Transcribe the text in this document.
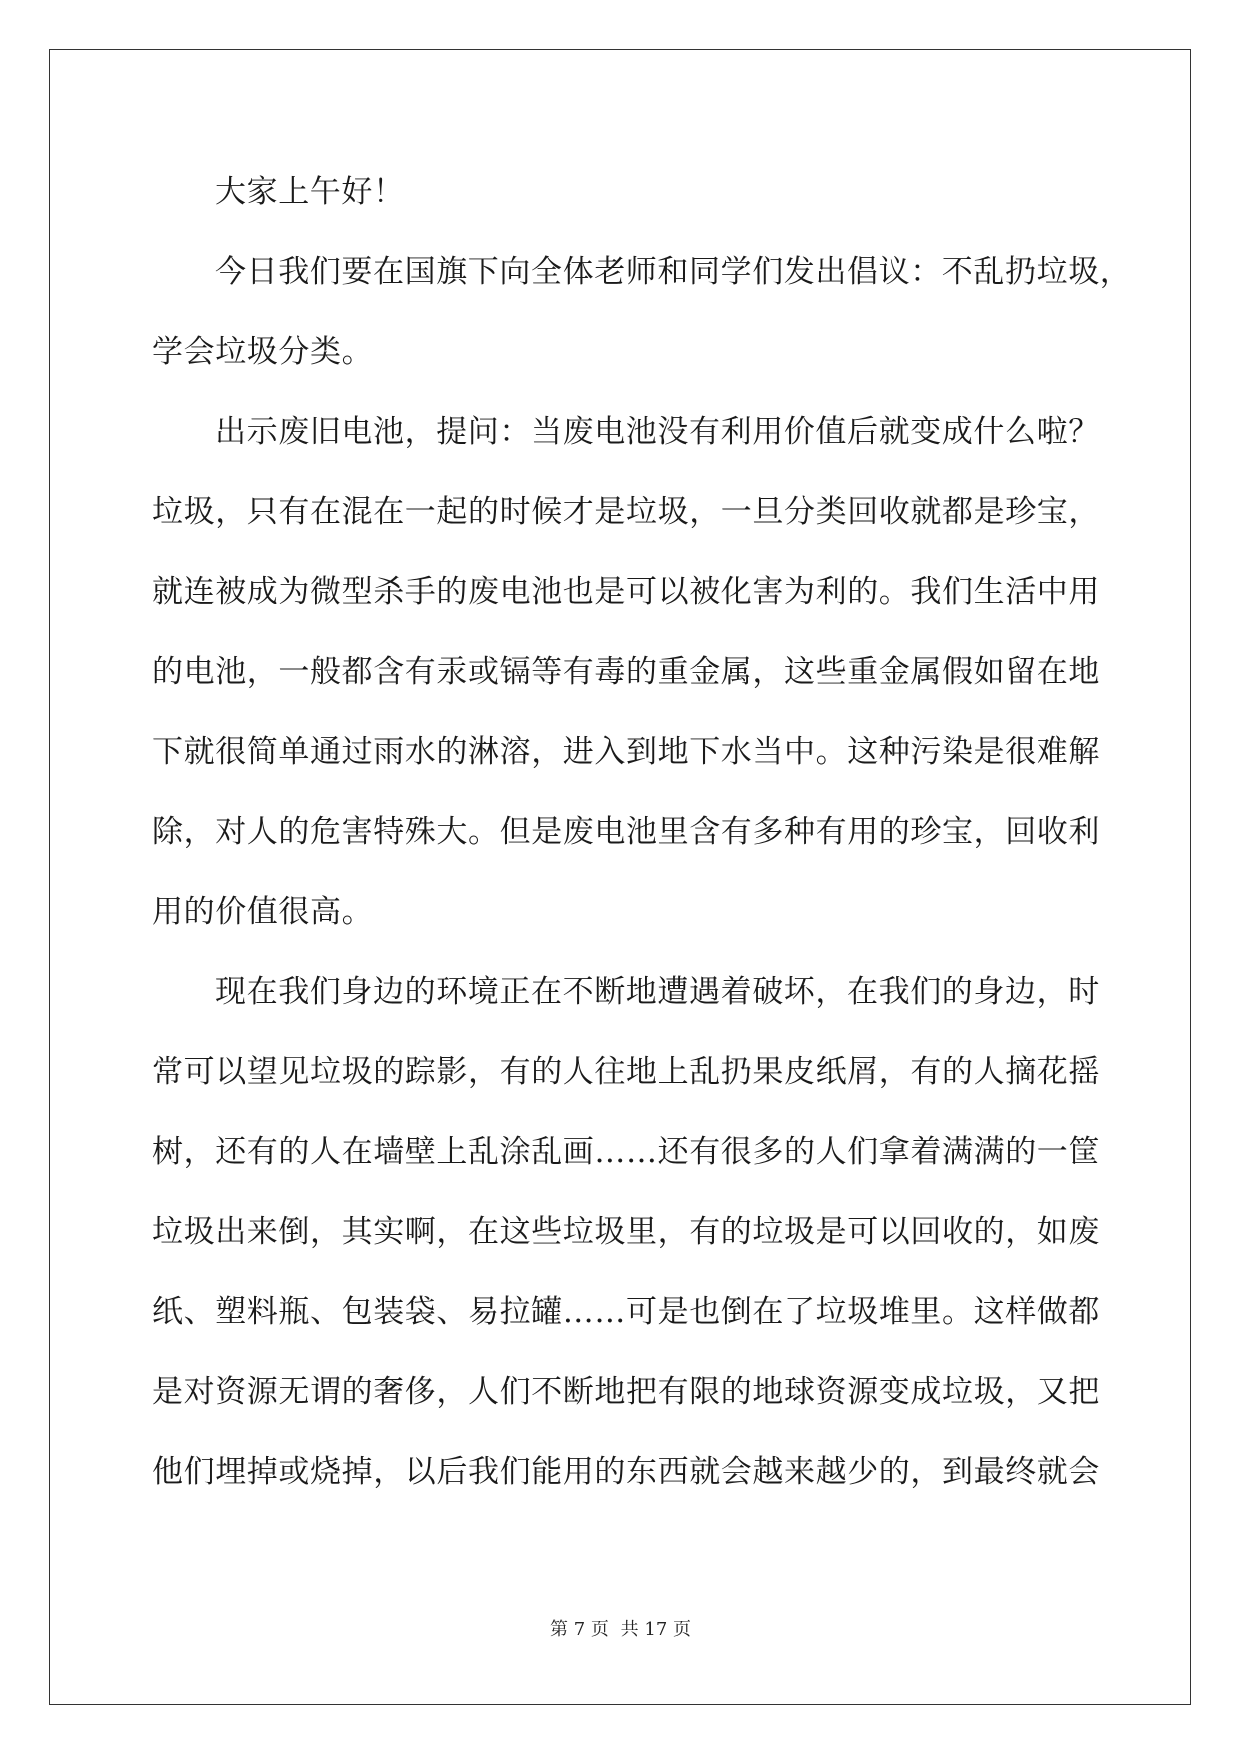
大家上午好！
今日我们要在国旗下向全体老师和同学们发出倡议：不乱扔垃圾，
学会垃圾分类。
出示废旧电池，提问：当废电池没有利用价值后就变成什么啦？
垃圾，只有在混在一起的时候才是垃圾，一旦分类回收就都是珍宝，
就连被成为微型杀手的废电池也是可以被化害为利的。我们生活中用
的电池，一般都含有汞或镉等有毒的重金属，这些重金属假如留在地
下就很简单通过雨水的淋溶，进入到地下水当中。这种污染是很难解
除，对人的危害特殊大。但是废电池里含有多种有用的珍宝，回收利
用的价值很高。
现在我们身边的环境正在不断地遭遇着破坏，在我们的身边，时
常可以望见垃圾的踪影，有的人往地上乱扔果皮纸屑，有的人摘花摇
树，还有的人在墙壁上乱涂乱画……还有很多的人们拿着满满的一筐
垃圾出来倒，其实啊，在这些垃圾里，有的垃圾是可以回收的，如废
纸、塑料瓶、包装袋、易拉罐……可是也倒在了垃圾堆里。这样做都
是对资源无谓的奢侈，人们不断地把有限的地球资源变成垃圾，又把
他们埋掉或烧掉，以后我们能用的东西就会越来越少的，到最终就会
第 7 页 共 17 页
